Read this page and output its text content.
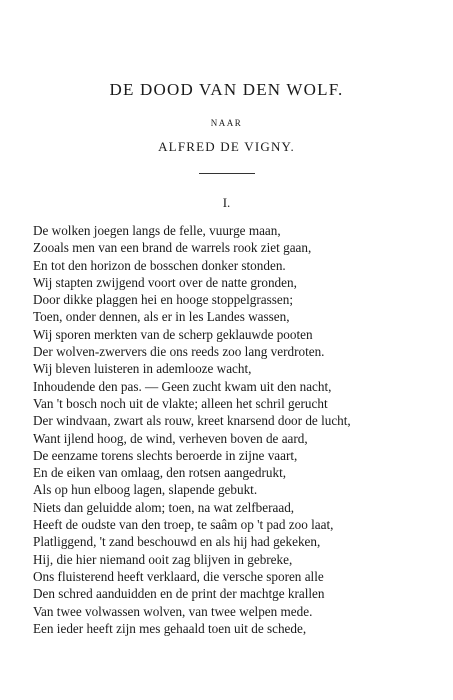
DE DOOD VAN DEN WOLF.
NAAR
ALFRED DE VIGNY.
I.
De wolken joegen langs de felle, vuurge maan,
Zooals men van een brand de warrels rook ziet gaan,
En tot den horizon de bosschen donker stonden.
Wij stapten zwijgend voort over de natte gronden,
Door dikke plaggen hei en hooge stoppelgrassen;
Toen, onder dennen, als er in les Landes wassen,
Wij sporen merkten van de scherp geklauwde pooten
Der wolven-zwervers die ons reeds zoo lang verdroten.
Wij bleven luisteren in ademlooze wacht,
Inhoudende den pas. — Geen zucht kwam uit den nacht,
Van 't bosch noch uit de vlakte; alleen het schril gerucht
Der windvaan, zwart als rouw, kreet knarsend door de lucht,
Want ijlend hoog, de wind, verheven boven de aard,
De eenzame torens slechts beroerde in zijne vaart,
En de eiken van omlaag, den rotsen aangedrukt,
Als op hun elboog lagen, slapende gebukt.
Niets dan geluidde alom; toen, na wat zelfberaad,
Heeft de oudste van den troep, te saâm op 't pad zoo laat,
Platliggend, 't zand beschouwd en als hij had gekeken,
Hij, die hier niemand ooit zag blijven in gebreke,
Ons fluisterend heeft verklaard, die versche sporen alle
Den schred aanduidden en de print der machtge krallen
Van twee volwassen wolven, van twee welpen mede.
Een ieder heeft zijn mes gehaald toen uit de schede,
